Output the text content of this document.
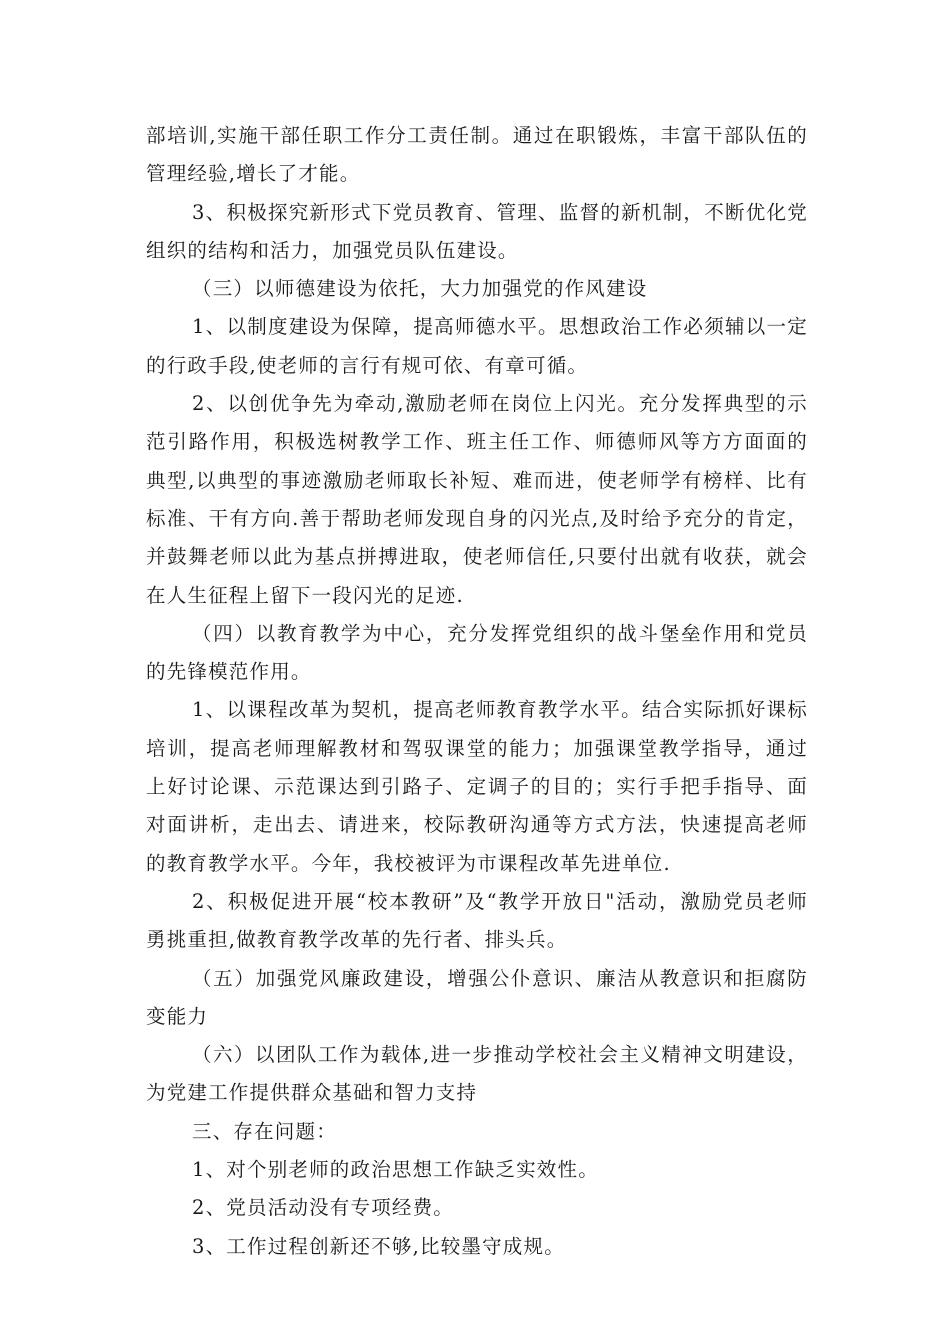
部培训,实施干部任职工作分工责任制。通过在职锻炼，丰富干部队伍的管理经验,增长了才能。

3、积极探究新形式下党员教育、管理、监督的新机制，不断优化党组织的结构和活力，加强党员队伍建设。

（三）以师德建设为依托，大力加强党的作风建设

1、以制度建设为保障，提高师德水平。思想政治工作必须辅以一定的行政手段,使老师的言行有规可依、有章可循。

2、以创优争先为牵动,激励老师在岗位上闪光。充分发挥典型的示范引路作用，积极选树教学工作、班主任工作、师德师风等方方面面的典型,以典型的事迹激励老师取长补短、难而进，使老师学有榜样、比有标准、干有方向.善于帮助老师发现自身的闪光点,及时给予充分的肯定，并鼓舞老师以此为基点拼搏进取，使老师信任,只要付出就有收获，就会在人生征程上留下一段闪光的足迹.

（四）以教育教学为中心，充分发挥党组织的战斗堡垒作用和党员的先锋模范作用。

1、以课程改革为契机，提高老师教育教学水平。结合实际抓好课标培训，提高老师理解教材和驾驭课堂的能力；加强课堂教学指导，通过上好讨论课、示范课达到引路子、定调子的目的；实行手把手指导、面对面讲析，走出去、请进来，校际教研沟通等方式方法，快速提高老师的教育教学水平。今年，我校被评为市课程改革先进单位.

2、积极促进开展“校本教研”及“教学开放日"活动，激励党员老师勇挑重担,做教育教学改革的先行者、排头兵。

（五）加强党风廉政建设，增强公仆意识、廉洁从教意识和拒腐防变能力

（六）以团队工作为载体,进一步推动学校社会主义精神文明建设，为党建工作提供群众基础和智力支持

三、存在问题：

1、对个别老师的政治思想工作缺乏实效性。

2、党员活动没有专项经费。

3、工作过程创新还不够,比较墨守成规。
